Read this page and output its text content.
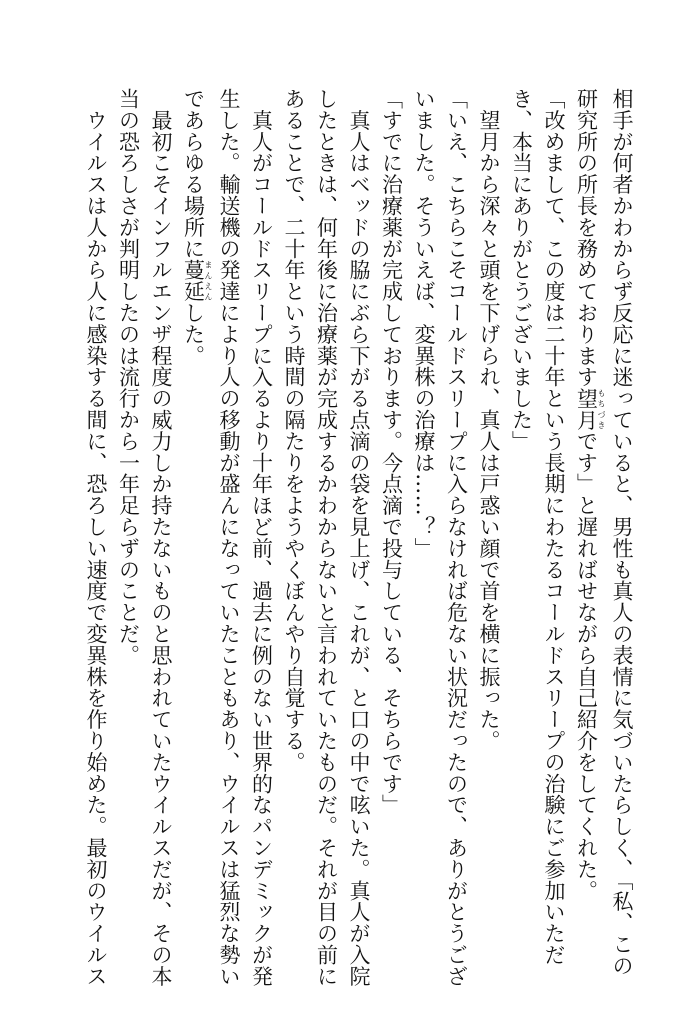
相手が何者かわからず反応に迷っていると、男性も真人の表情に気づいたらしく、「私、この
研究所の所長を務めております望月もちづきです」と遅ればせながら自己紹介をしてくれた。
「改めまして、この度は二十年という長期にわたるコールドスリープの治験にご参加いただ
き、本当にありがとうございました」
　望月から深々と頭を下げられ、真人は戸惑い顔で首を横に振った。
「いえ、こちらこそコールドスリープに入らなければ危ない状況だったので、ありがとうござ
いました。そういえば、変異株の治療は……？」
「すでに治療薬が完成しております。今点滴で投与している、そちらです」
　真人はベッドの脇にぶら下がる点滴の袋を見上げ、これが、と口の中で呟いた。真人が入院
したときは、何年後に治療薬が完成するかわからないと言われていたものだ。それが目の前に
あることで、二十年という時間の隔たりをようやくぼんやり自覚する。
　真人がコールドスリープに入るより十年ほど前、過去に例のない世界的なパンデミックが発
生した。輸送機の発達により人の移動が盛んになっていたこともあり、ウイルスは猛烈な勢い
であらゆる場所に蔓延まんえんした。
　最初こそインフルエンザ程度の威力しか持たないものと思われていたウイルスだが、その本
当の恐ろしさが判明したのは流行から一年足らずのことだ。
　ウイルスは人から人に感染する間に、恐ろしい速度で変異株を作り始めた。最初のウイルス
